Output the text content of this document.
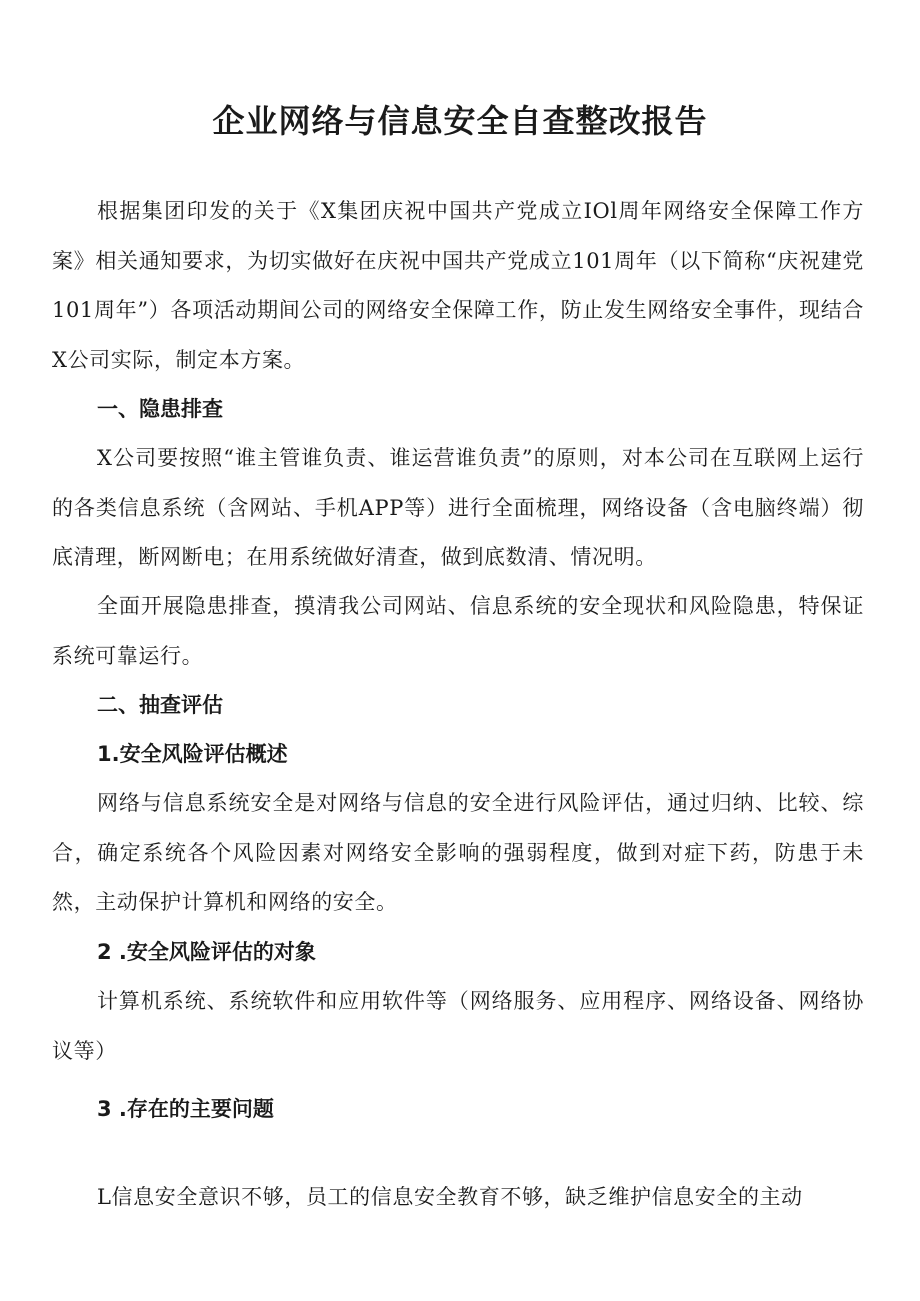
企业网络与信息安全自查整改报告

根据集团印发的关于《X集团庆祝中国共产党成立IOl周年网络安全保障工作方案》相关通知要求，为切实做好在庆祝中国共产党成立101周年（以下简称“庆祝建党101周年”）各项活动期间公司的网络安全保障工作，防止发生网络安全事件，现结合X公司实际，制定本方案。

一、隐患排查

X公司要按照“谁主管谁负责、谁运营谁负责”的原则，对本公司在互联网上运行的各类信息系统（含网站、手机APP等）进行全面梳理，网络设备（含电脑终端）彻底清理，断网断电；在用系统做好清查，做到底数清、情况明。

全面开展隐患排查，摸清我公司网站、信息系统的安全现状和风险隐患，特保证系统可靠运行。

二、抽查评估
1.安全风险评估概述

网络与信息系统安全是对网络与信息的安全进行风险评估，通过归纳、比较、综合，确定系统各个风险因素对网络安全影响的强弱程度，做到对症下药，防患于未然，主动保护计算机和网络的安全。

2 .安全风险评估的对象

计算机系统、系统软件和应用软件等（网络服务、应用程序、网络设备、网络协议等）

3 .存在的主要问题

L信息安全意识不够，员工的信息安全教育不够，缺乏维护信息安全的主动
